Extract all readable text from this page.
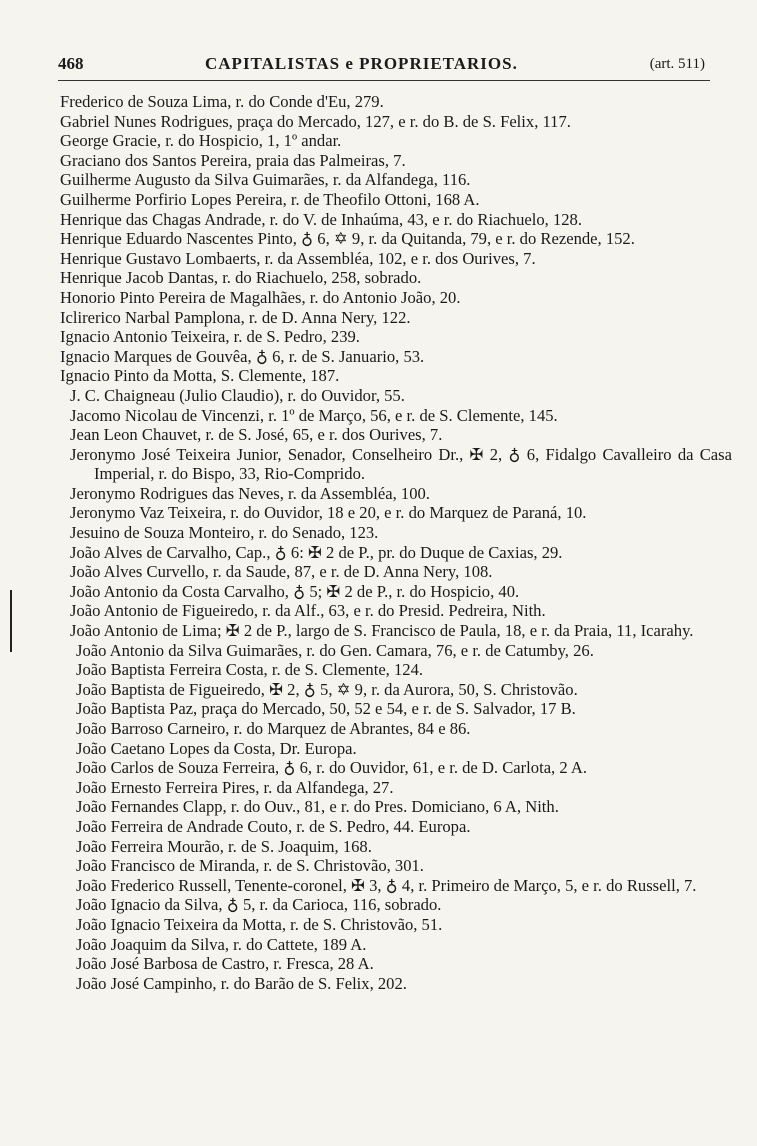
468	CAPITALISTAS e PROPRIETARIOS.	(art. 511)
Frederico de Souza Lima, r. do Conde d'Eu, 279.
Gabriel Nunes Rodrigues, praça do Mercado, 127, e r. do B. de S. Felix, 117.
George Gracie, r. do Hospicio, 1, 1º andar.
Graciano dos Santos Pereira, praia das Palmeiras, 7.
Guilherme Augusto da Silva Guimarães, r. da Alfandega, 116.
Guilherme Porfirio Lopes Pereira, r. de Theofilo Ottoni, 168 A.
Henrique das Chagas Andrade, r. do V. de Inhaúma, 43, e r. do Riachuelo, 128.
Henrique Eduardo Nascentes Pinto, ♁ 6, ✡ 9, r. da Quitanda, 79, e r. do Rezende, 152.
Henrique Gustavo Lombaerts, r. da Assembléa, 102, e r. dos Ourives, 7.
Henrique Jacob Dantas, r. do Riachuelo, 258, sobrado.
Honorio Pinto Pereira de Magalhães, r. do Antonio João, 20.
Iclirerico Narbal Pamplona, r. de D. Anna Nery, 122.
Ignacio Antonio Teixeira, r. de S. Pedro, 239.
Ignacio Marques de Gouvêa, ♁ 6, r. de S. Januario, 53.
Ignacio Pinto da Motta, S. Clemente, 187.
J. C. Chaigneau (Julio Claudio), r. do Ouvidor, 55.
Jacomo Nicolau de Vincenzi, r. 1º de Março, 56, e r. de S. Clemente, 145.
Jean Leon Chauvet, r. de S. José, 65, e r. dos Ourives, 7.
Jeronymo José Teixeira Junior, Senador, Conselheiro Dr., ✠ 2, ♁ 6, Fidalgo Cavalleiro da Casa Imperial, r. do Bispo, 33, Rio-Comprido.
Jeronymo Rodrigues das Neves, r. da Assembléa, 100.
Jeronymo Vaz Teixeira, r. do Ouvidor, 18 e 20, e r. do Marquez de Paraná, 10.
Jesuino de Souza Monteiro, r. do Senado, 123.
João Alves de Carvalho, Cap., ♁ 6: ✠ 2 de P., pr. do Duque de Caxias, 29.
João Alves Curvello, r. da Saude, 87, e r. de D. Anna Nery, 108.
João Antonio da Costa Carvalho, ♁ 5; ✠ 2 de P., r. do Hospicio, 40.
João Antonio de Figueiredo, r. da Alf., 63, e r. do Presid. Pedreira, Nith.
João Antonio de Lima; ✠ 2 de P., largo de S. Francisco de Paula, 18, e r. da Praia, 11, Icarahy.
João Antonio da Silva Guimarães, r. do Gen. Camara, 76, e r. de Catumby, 26.
João Baptista Ferreira Costa, r. de S. Clemente, 124.
João Baptista de Figueiredo, ✠ 2, ♁ 5, ✡ 9, r. da Aurora, 50, S. Christovão.
João Baptista Paz, praça do Mercado, 50, 52 e 54, e r. de S. Salvador, 17 B.
João Barroso Carneiro, r. do Marquez de Abrantes, 84 e 86.
João Caetano Lopes da Costa, Dr. Europa.
João Carlos de Souza Ferreira, ♁ 6, r. do Ouvidor, 61, e r. de D. Carlota, 2 A.
João Ernesto Ferreira Pires, r. da Alfandega, 27.
João Fernandes Clapp, r. do Ouv., 81, e r. do Pres. Domiciano, 6 A, Nith.
João Ferreira de Andrade Couto, r. de S. Pedro, 44. Europa.
João Ferreira Mourão, r. de S. Joaquim, 168.
João Francisco de Miranda, r. de S. Christovão, 301.
João Frederico Russell, Tenente-coronel, ✠ 3, ♁ 4, r. Primeiro de Março, 5, e r. do Russell, 7.
João Ignacio da Silva, ♁ 5, r. da Carioca, 116, sobrado.
João Ignacio Teixeira da Motta, r. de S. Christovão, 51.
João Joaquim da Silva, r. do Cattete, 189 A.
João José Barbosa de Castro, r. Fresca, 28 A.
João José Campinho, r. do Barão de S. Felix, 202.
